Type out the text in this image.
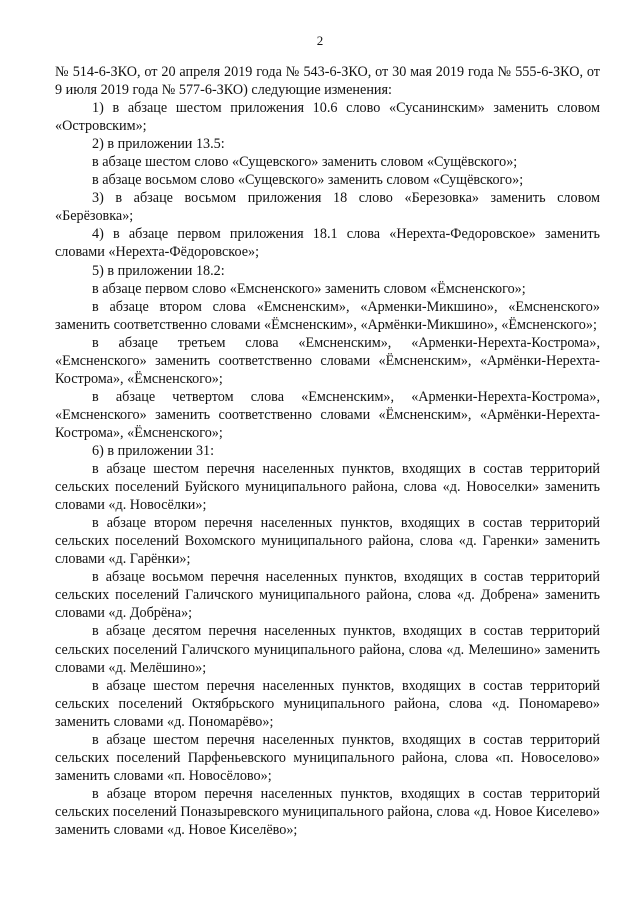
2

№ 514-6-ЗКО, от 20 апреля 2019 года № 543-6-ЗКО, от 30 мая 2019 года № 555-6-ЗКО, от 9 июля 2019 года № 577-6-ЗКО) следующие изменения:

1) в абзаце шестом приложения 10.6 слово «Сусанинским» заменить словом «Островским»;

2) в приложении 13.5:

в абзаце шестом слово «Сущевского» заменить словом «Сущёвского»;

в абзаце восьмом слово «Сущевского» заменить словом «Сущёвского»;

3) в абзаце восьмом приложения 18 слово «Березовка» заменить словом «Берёзовка»;

4) в абзаце первом приложения 18.1 слова «Нерехта-Федоровское» заменить словами «Нерехта-Фёдоровское»;

5) в приложении 18.2:

в абзаце первом слово «Емсненского» заменить словом «Ёмсненского»;

в абзаце втором слова «Емсненским», «Арменки-Микшино», «Емсненского» заменить соответственно словами «Ёмсненским», «Армёнки-Микшино», «Ёмсненского»;

в абзаце третьем слова «Емсненским», «Арменки-Нерехта-Кострома», «Емсненского» заменить соответственно словами «Ёмсненским», «Армёнки-Нерехта-Кострома», «Ёмсненского»;

в абзаце четвертом слова «Емсненским», «Арменки-Нерехта-Кострома», «Емсненского» заменить соответственно словами «Ёмсненским», «Армёнки-Нерехта-Кострома», «Ёмсненского»;

6) в приложении 31:

в абзаце шестом перечня населенных пунктов, входящих в состав территорий сельских поселений Буйского муниципального района, слова «д. Новоселки» заменить словами «д. Новосёлки»;

в абзаце втором перечня населенных пунктов, входящих в состав территорий сельских поселений Вохомского муниципального района, слова «д. Гаренки» заменить словами «д. Гарёнки»;

в абзаце восьмом перечня населенных пунктов, входящих в состав территорий сельских поселений Галичского муниципального района, слова «д. Добрена» заменить словами «д. Добрёна»;

в абзаце десятом перечня населенных пунктов, входящих в состав территорий сельских поселений Галичского муниципального района, слова «д. Мелешино» заменить словами «д. Мелёшино»;

в абзаце шестом перечня населенных пунктов, входящих в состав территорий сельских поселений Октябрьского муниципального района, слова «д. Пономарево» заменить словами «д. Пономарёво»;

в абзаце шестом перечня населенных пунктов, входящих в состав территорий сельских поселений Парфеньевского муниципального района, слова «п. Новоселово» заменить словами «п. Новосёлово»;

в абзаце втором перечня населенных пунктов, входящих в состав территорий сельских поселений Поназыревского муниципального района, слова «д. Новое Киселево» заменить словами «д. Новое Киселёво»;
